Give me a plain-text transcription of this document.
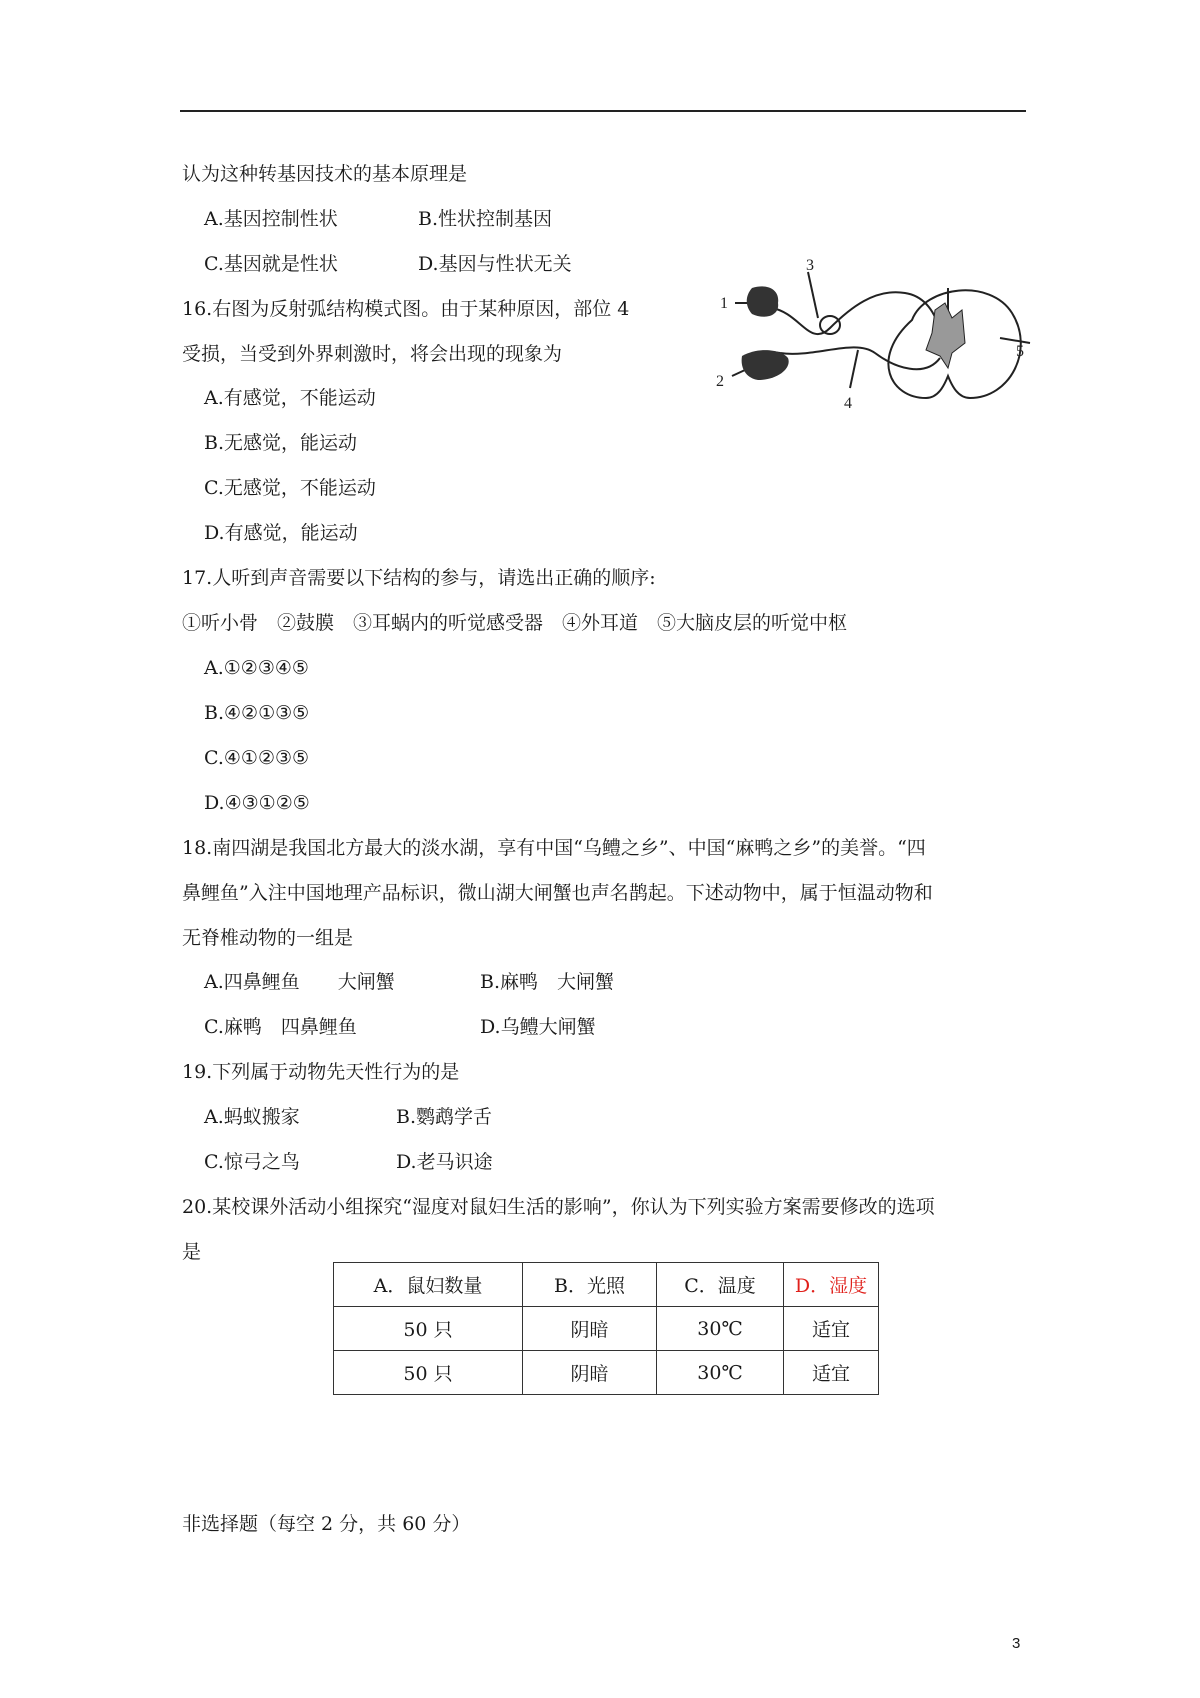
认为这种转基因技术的基本原理是
A.基因控制性状	B.性状控制基因
C.基因就是性状	D.基因与性状无关
16.右图为反射弧结构模式图。由于某种原因，部位 4
受损，当受到外界刺激时，将会出现的现象为
A.有感觉，不能运动
B.无感觉，能运动
C.无感觉，不能运动
D.有感觉，能运动
1
2
3
4
5
17.人听到声音需要以下结构的参与，请选出正确的顺序:
①听小骨　②鼓膜　③耳蜗内的听觉感受器　④外耳道　⑤大脑皮层的听觉中枢
A.①②③④⑤
B.④②①③⑤
C.④①②③⑤
D.④③①②⑤
18.南四湖是我国北方最大的淡水湖，享有中国“乌鳢之乡”、中国“麻鸭之乡”的美誉。“四
鼻鲤鱼”入注中国地理产品标识，微山湖大闸蟹也声名鹊起。下述动物中，属于恒温动物和
无脊椎动物的一组是
A.四鼻鲤鱼　　大闸蟹	B.麻鸭　大闸蟹
C.麻鸭　四鼻鲤鱼	D.乌鳢大闸蟹
19.下列属于动物先天性行为的是
A.蚂蚁搬家	B.鹦鹉学舌
C.惊弓之鸟	D.老马识途
20.某校课外活动小组探究“湿度对鼠妇生活的影响”，你认为下列实验方案需要修改的选项
是
A．鼠妇数量	B．光照	C．温度	D．湿度
50 只	阴暗	30℃	适宜
50 只	阴暗	30℃	适宜
非选择题（每空 2 分，共 60 分）
3
